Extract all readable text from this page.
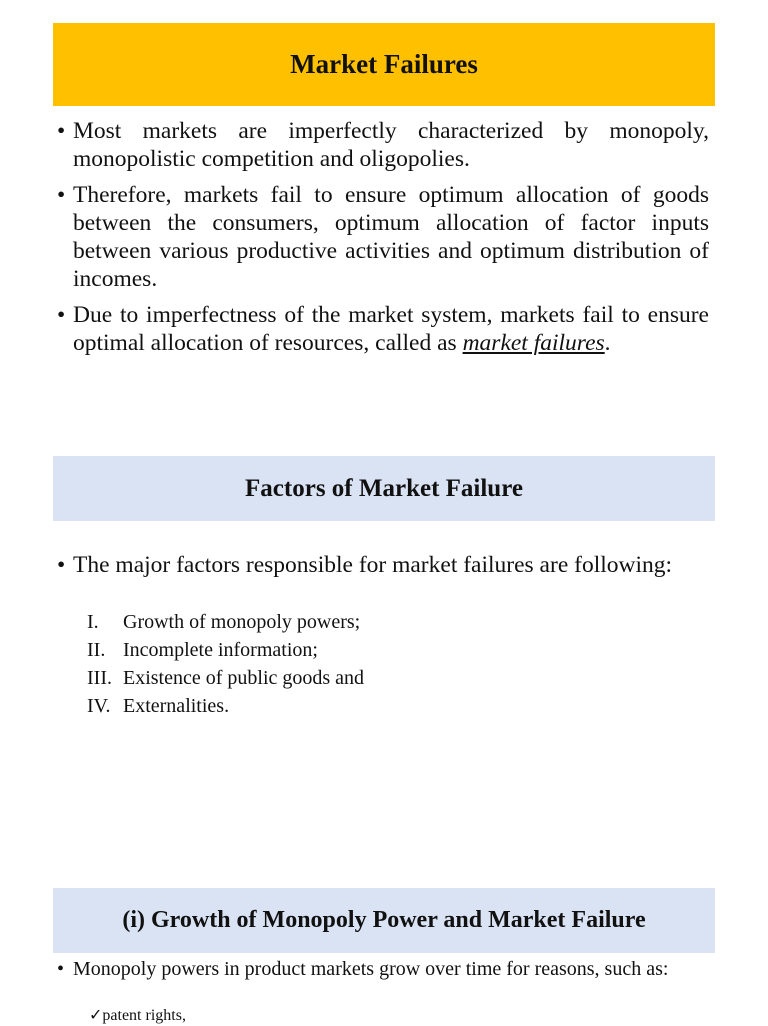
Market Failures
• Most markets are imperfectly characterized by monopoly, monopolistic competition and oligopolies.
• Therefore, markets fail to ensure optimum allocation of goods between the consumers, optimum allocation of factor inputs between various productive activities and optimum distribution of incomes.
• Due to imperfectness of the market system, markets fail to ensure optimal allocation of resources, called as market failures.
Factors of Market Failure
• The major factors responsible for market failures are following:
I.	Growth of monopoly powers;
II. Incomplete information;
III. Existence of public goods and
IV. Externalities.
(i) Growth of Monopoly Power and Market Failure
• Monopoly powers in product markets grow over time for reasons, such as:
✓patent rights,
